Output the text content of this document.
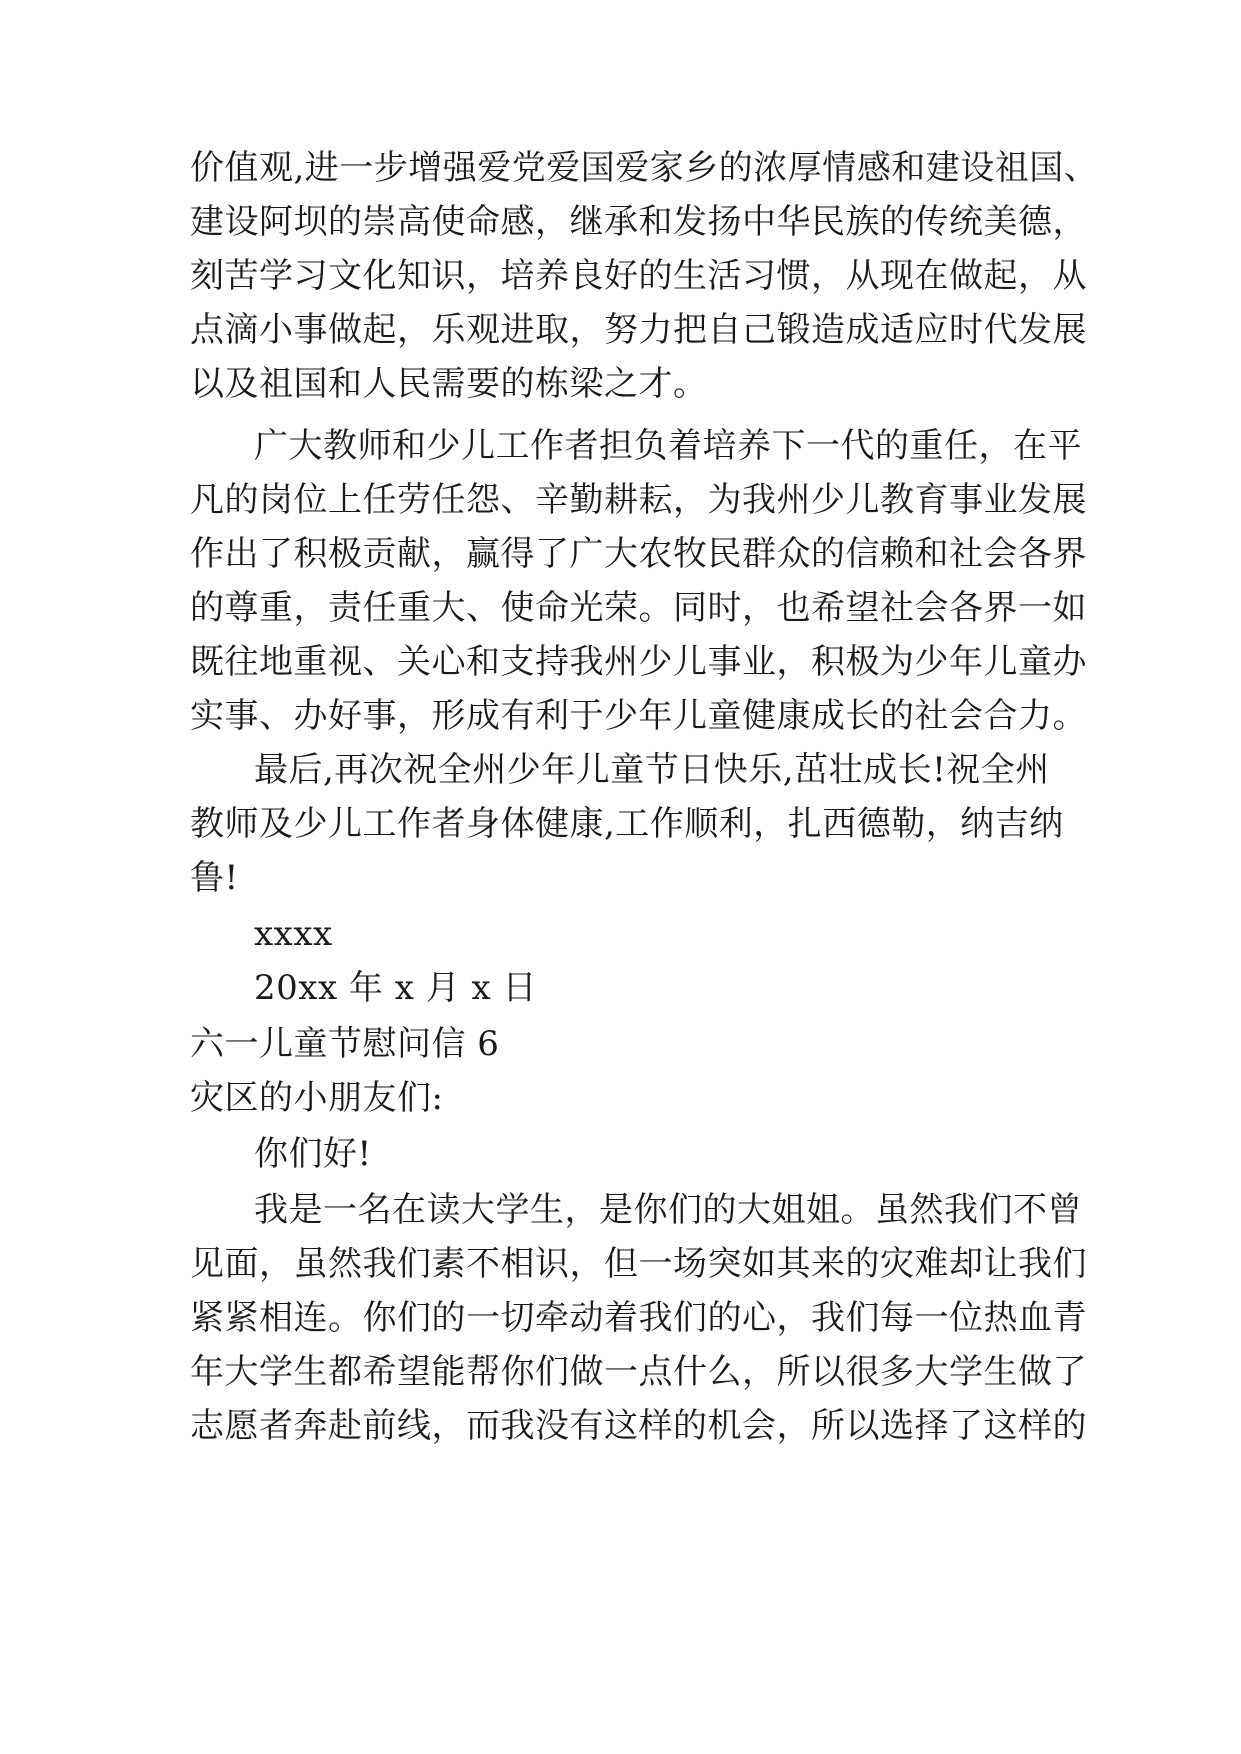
价值观,进一步增强爱党爱国爱家乡的浓厚情感和建设祖国、
建设阿坝的崇高使命感，继承和发扬中华民族的传统美德，
刻苦学习文化知识，培养良好的生活习惯，从现在做起，从
点滴小事做起，乐观进取，努力把自己锻造成适应时代发展
以及祖国和人民需要的栋梁之才。
广大教师和少儿工作者担负着培养下一代的重任，在平
凡的岗位上任劳任怨、辛勤耕耘，为我州少儿教育事业发展
作出了积极贡献，赢得了广大农牧民群众的信赖和社会各界
的尊重，责任重大、使命光荣。同时，也希望社会各界一如
既往地重视、关心和支持我州少儿事业，积极为少年儿童办
实事、办好事，形成有利于少年儿童健康成长的社会合力。
最后,再次祝全州少年儿童节日快乐,茁壮成长!祝全州
教师及少儿工作者身体健康,工作顺利，扎西德勒，纳吉纳
鲁!
xxxx
20xx 年 x 月 x 日
六一儿童节慰问信 6
灾区的小朋友们:
你们好!
我是一名在读大学生，是你们的大姐姐。虽然我们不曾
见面，虽然我们素不相识，但一场突如其来的灾难却让我们
紧紧相连。你们的一切牵动着我们的心，我们每一位热血青
年大学生都希望能帮你们做一点什么，所以很多大学生做了
志愿者奔赴前线，而我没有这样的机会，所以选择了这样的
